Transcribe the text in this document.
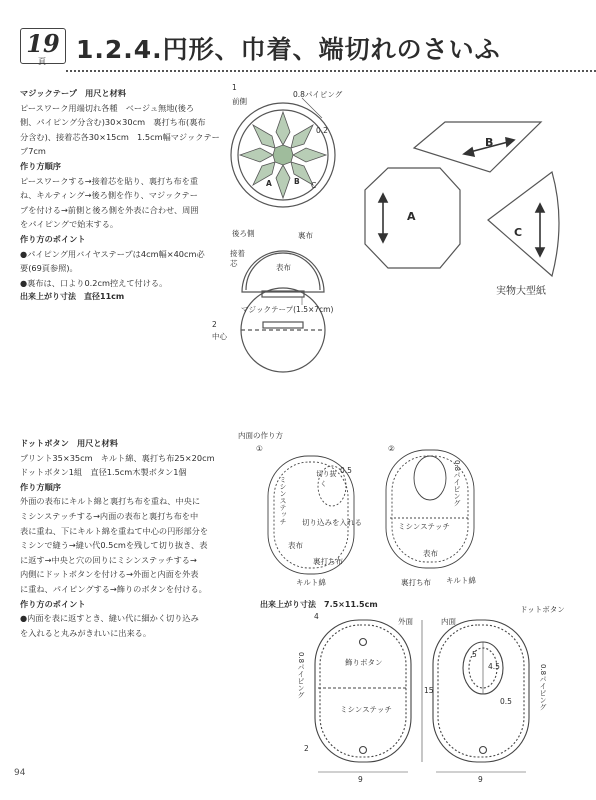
19
頁 1.2.4.円形、巾着、端切れのさいふ

マジックテープ　用尺と材料

ピースワーク用端切れ各種　ベージュ無地(後ろ

側、パイピング分含む)30×30cm　裏打ち布(裏布

分含む)、接着芯各30×15cm　1.5cm幅マジックテー

プ7cm

作り方順序

ピースワークする→接着芯を貼り、裏打ち布を重

ね、キルティング→後ろ側を作り、マジックテー

プを付ける→前側と後ろ側を外表に合わせ、周囲

をパイピングで始末する。

作り方のポイント

●パイピング用バイヤステープは4cm幅×40cm必

要(69頁参照)。

●裏布は、口より0.2cm控えて付ける。

出来上がり寸法　直径11cm

1
前側
0.8パイピング
0.2
A	B C
B
A
C
実物大型紙
後ろ側	裏布
接着
芯	表布
マジックテープ(1.5×7cm)
2
中心

ドットボタン　用尺と材料

プリント35×35cm　キルト綿、裏打ち布25×20cm

ドットボタン1組　直径1.5cm木製ボタン1個

作り方順序

外面の表布にキルト綿と裏打ち布を重ね、中央に

ミシンステッチする→内面の表布と裏打ち布を中

表に重ね、下にキルト綿を重ねて中心の円形部分を

ミシンで縫う→縫い代0.5cmを残して切り抜き、表

に返す→中央と穴の回りにミシンステッチする→

内側にドットボタンを付ける→外面と内面を外表

に重ね、パイピングする→飾りのボタンを付ける。

作り方のポイント

●内面を表に返すとき、縫い代に細かく切り込み

を入れると丸みがきれいに出来る。

内面の作り方
①	②
切り抜
く
0.5
ミシンステッチ 切り込みを入れる
表布
裏打ち布
キルト綿
0.8パイピング
ミシンステッチ
表布
裏打ち布 キルト綿
出来上がり寸法　7.5×11.5cm
4
外面	内面
ドットボタン
飾りボタン
0.8パイピング
ミシンステッチ
15
5
4.5
0.5	0.8パイピング
2
9	9
94
